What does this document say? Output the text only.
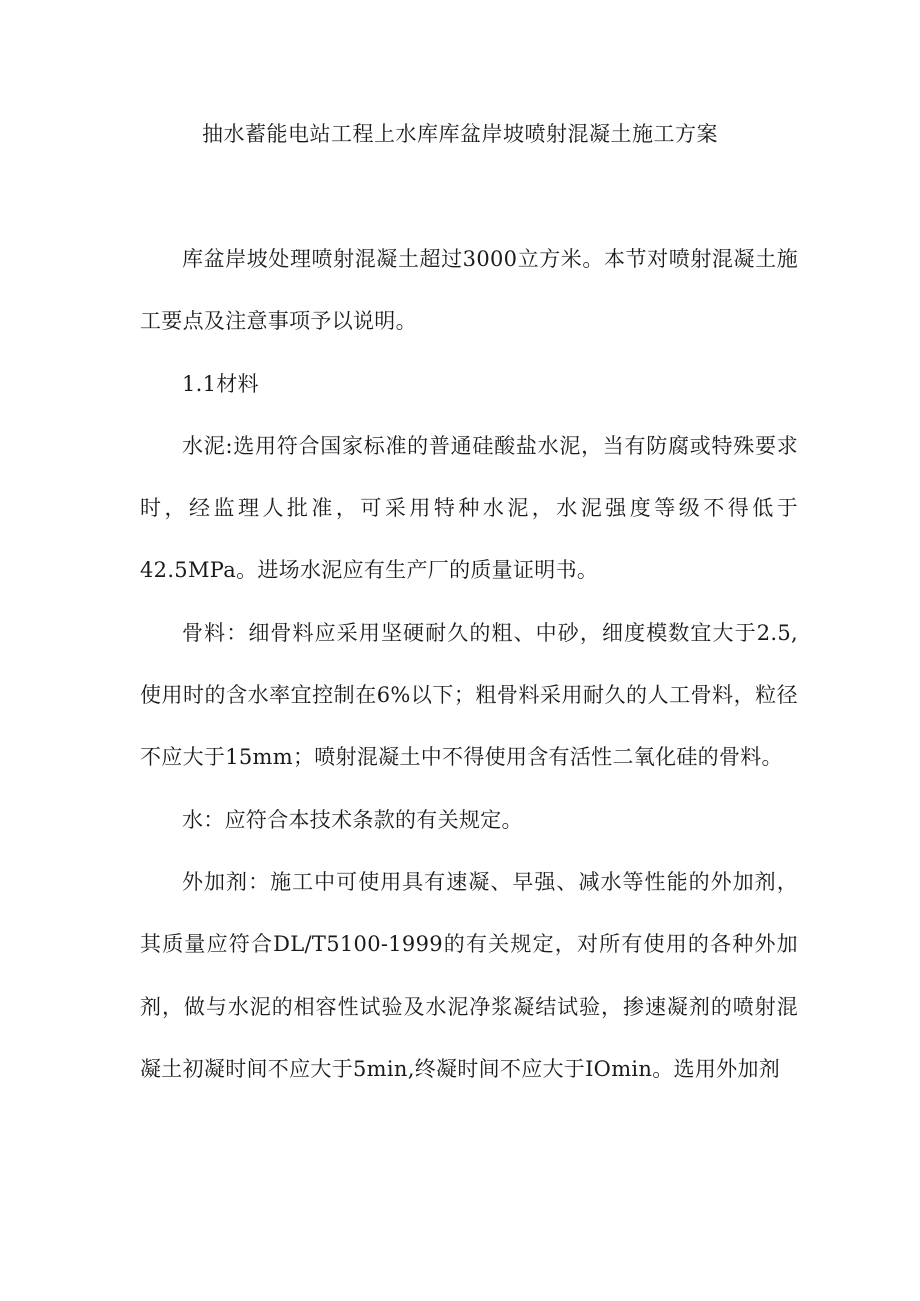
抽水蓄能电站工程上水库库盆岸坡喷射混凝土施工方案

库盆岸坡处理喷射混凝土超过3000立方米。本节对喷射混凝土施工要点及注意事项予以说明。

1.1材料

水泥:选用符合国家标准的普通硅酸盐水泥，当有防腐或特殊要求时，经监理人批准，可采用特种水泥，水泥强度等级不得低于42.5MPa。进场水泥应有生产厂的质量证明书。

骨料：细骨料应采用坚硬耐久的粗、中砂，细度模数宜大于2.5,使用时的含水率宜控制在6%以下；粗骨料采用耐久的人工骨料，粒径不应大于15mm；喷射混凝土中不得使用含有活性二氧化硅的骨料。

水：应符合本技术条款的有关规定。

外加剂：施工中可使用具有速凝、早强、减水等性能的外加剂，其质量应符合DL/T5100-1999的有关规定，对所有使用的各种外加剂，做与水泥的相容性试验及水泥净浆凝结试验，掺速凝剂的喷射混凝土初凝时间不应大于5min,终凝时间不应大于IOmin。选用外加剂
